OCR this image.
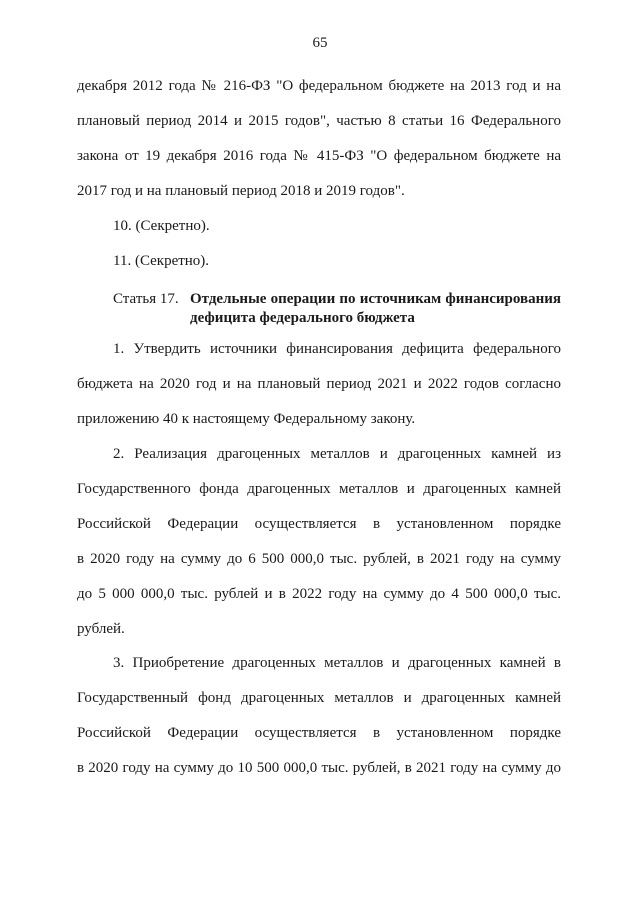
65
декабря 2012 года № 216-ФЗ "О федеральном бюджете на 2013 год и на
плановый период 2014 и 2015 годов", частью 8 статьи 16 Федерального
закона от 19 декабря 2016 года № 415-ФЗ "О федеральном бюджете на
2017 год и на плановый период 2018 и 2019 годов".
10. (Секретно).
11. (Секретно).
Статья 17. Отдельные операции по источникам финансирования
дефицита федерального бюджета
1. Утвердить источники финансирования дефицита федерального
бюджета на 2020 год и на плановый период 2021 и 2022 годов согласно
приложению 40 к настоящему Федеральному закону.
2. Реализация драгоценных металлов и драгоценных камней из
Государственного фонда драгоценных металлов и драгоценных камней
Российской Федерации осуществляется в установленном порядке
в 2020 году на сумму до 6 500 000,0 тыс. рублей, в 2021 году на сумму
до 5 000 000,0 тыс. рублей и в 2022 году на сумму до 4 500 000,0 тыс.
рублей.
3. Приобретение драгоценных металлов и драгоценных камней в
Государственный фонд драгоценных металлов и драгоценных камней
Российской Федерации осуществляется в установленном порядке
в 2020 году на сумму до 10 500 000,0 тыс. рублей, в 2021 году на сумму до
